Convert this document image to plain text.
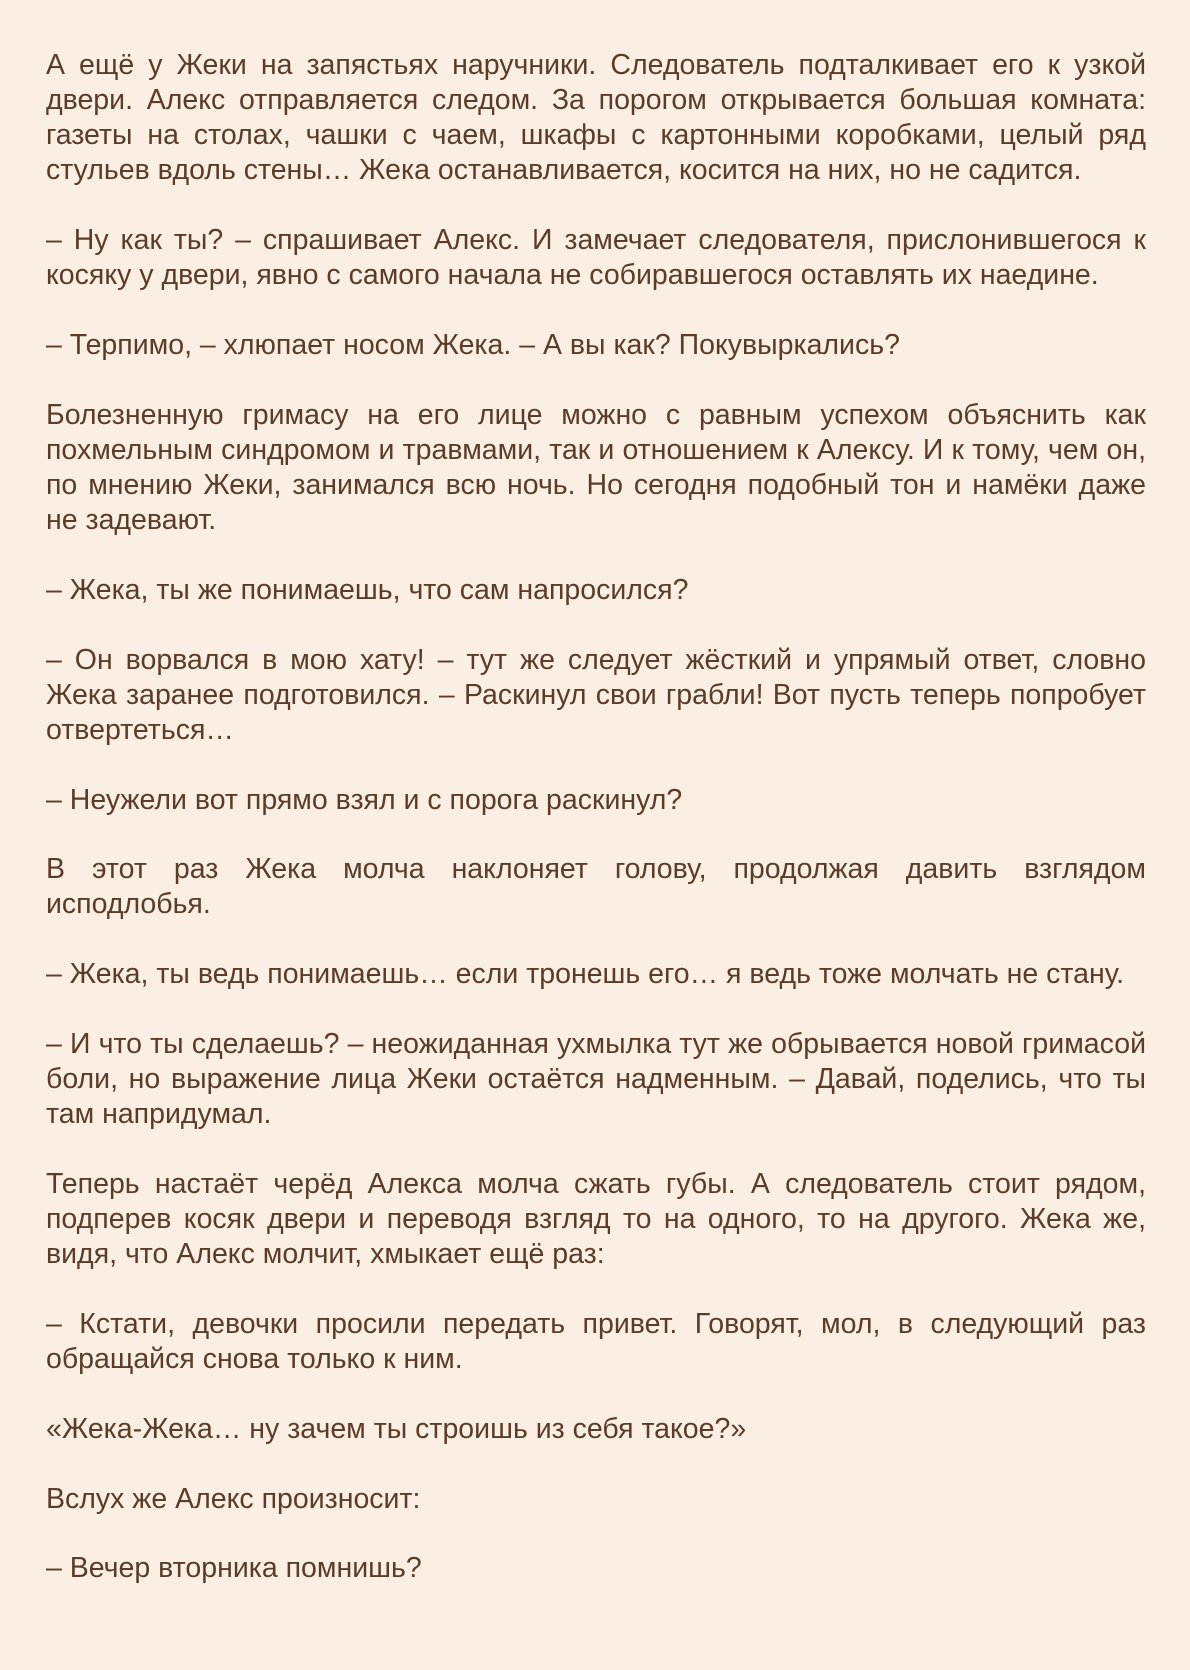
А ещё у Жеки на запястьях наручники. Следователь подталкивает его к узкой двери. Алекс отправляется следом. За порогом открывается большая комната: газеты на столах, чашки с чаем, шкафы с картонными коробками, целый ряд стульев вдоль стены… Жека останавливается, косится на них, но не садится.

– Ну как ты? – спрашивает Алекс. И замечает следователя, прислонившегося к косяку у двери, явно с самого начала не собиравшегося оставлять их наедине.

– Терпимо, – хлюпает носом Жека. – А вы как? Покувыркались?

Болезненную гримасу на его лице можно с равным успехом объяснить как похмельным синдромом и травмами, так и отношением к Алексу. И к тому, чем он, по мнению Жеки, занимался всю ночь. Но сегодня подобный тон и намёки даже не задевают.

– Жека, ты же понимаешь, что сам напросился?

– Он ворвался в мою хату! – тут же следует жёсткий и упрямый ответ, словно Жека заранее подготовился. – Раскинул свои грабли! Вот пусть теперь попробует отвертеться…

– Неужели вот прямо взял и с порога раскинул?

В этот раз Жека молча наклоняет голову, продолжая давить взглядом исподлобья.

– Жека, ты ведь понимаешь… если тронешь его… я ведь тоже молчать не стану.

– И что ты сделаешь? – неожиданная ухмылка тут же обрывается новой гримасой боли, но выражение лица Жеки остаётся надменным. – Давай, поделись, что ты там напридумал.

Теперь настаёт черёд Алекса молча сжать губы. А следователь стоит рядом, подперев косяк двери и переводя взгляд то на одного, то на другого. Жека же, видя, что Алекс молчит, хмыкает ещё раз:

– Кстати, девочки просили передать привет. Говорят, мол, в следующий раз обращайся снова только к ним.

«Жека-Жека… ну зачем ты строишь из себя такое?»

Вслух же Алекс произносит:

– Вечер вторника помнишь?
